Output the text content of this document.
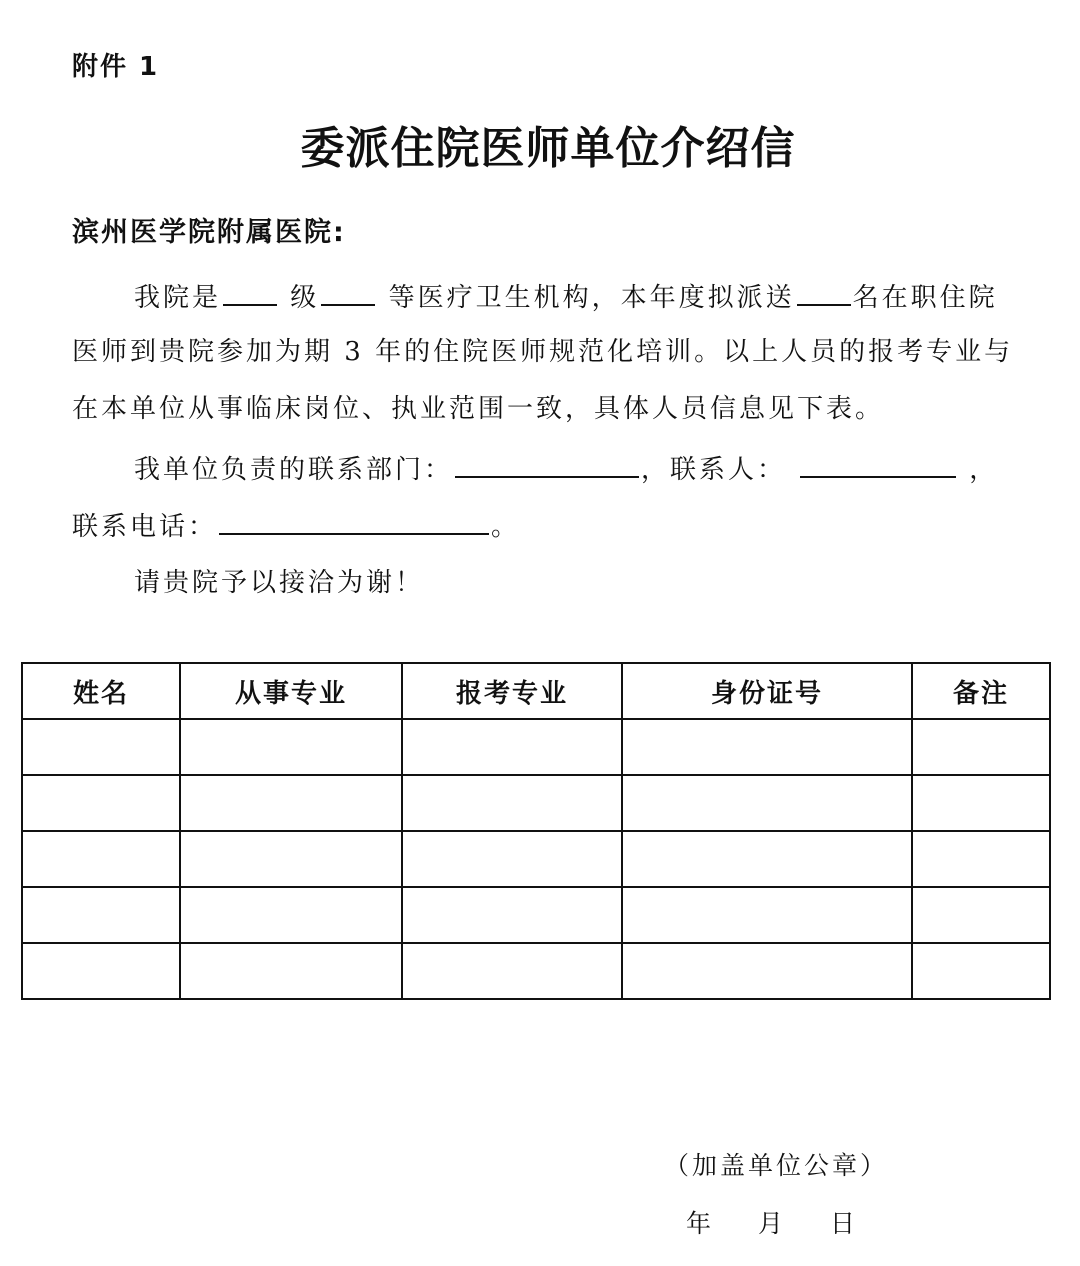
附件 1
委派住院医师单位介绍信
滨州医学院附属医院:
我院是	级	等医疗卫生机构，本年度拟派送 名在职住院
医师到贵院参加为期 3 年的住院医师规范化培训。以上人员的报考专业与
在本单位从事临床岗位、执业范围一致，具体人员信息见下表。
我单位负责的联系部门：	，联系人：	，
联系电话：	。
请贵院予以接洽为谢！
姓名	从事专业	报考专业	身份证号	备注

（加盖单位公章）
年 月 日
